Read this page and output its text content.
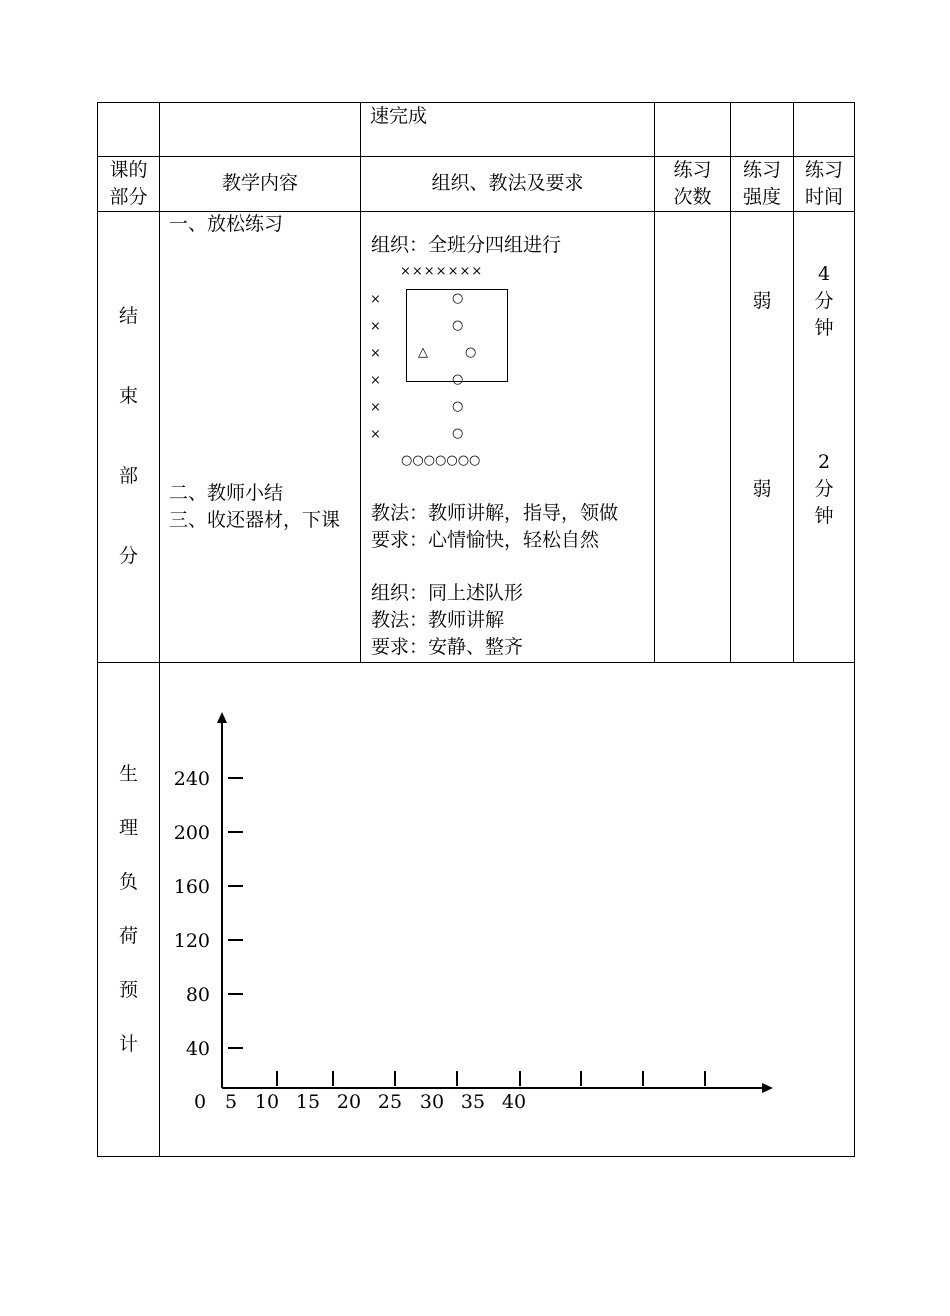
速完成
课的
部分
教学内容	组织、教法及要求
练习
次数
练习
强度
练习
时间
结
束
部
分
一、放松练习
二、教师小结
三、收还器材，下课
组织：全班分四组进行
×××××××
×
×
×
×
×
×
○
○
○
△
○
○
○
○○○○○○○
教法：教师讲解，指导，领做
要求：心情愉快，轻松自然
组织：同上述队形
教法：教师讲解
要求：安静、整齐
弱
弱
4
分
钟
2
分
钟
生
理
负
荷
预
计	40
80
120
160
200
240
0 5 10 15 20 25 30 35 40
